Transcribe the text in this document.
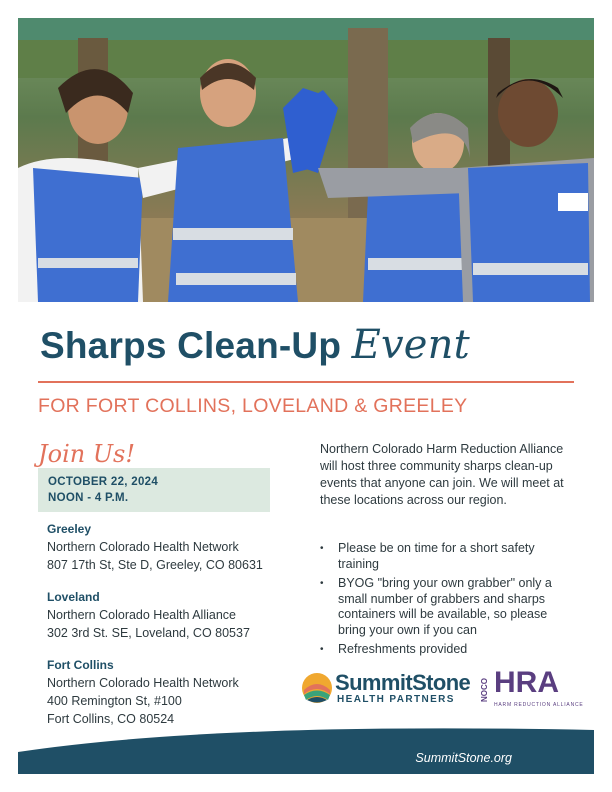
Sharps Clean-Up Event
FOR FORT COLLINS, LOVELAND & GREELEY
Join Us!
OCTOBER 22, 2024
NOON - 4 P.M.
Greeley
Northern Colorado Health Network
807 17th St, Ste D, Greeley, CO 80631
Loveland
Northern Colorado Health Alliance
302 3rd St. SE, Loveland, CO 80537
Fort Collins
Northern Colorado Health Network
400 Remington St, #100
Fort Collins, CO 80524
Northern Colorado Harm Reduction Alliance will host three community sharps clean-up events that anyone can join. We will meet at these locations across our region.
• Please be on time for a short safety training
• BYOG "bring your own grabber" only a small number of grabbers and sharps containers will be available, so please bring your own if you can
• Refreshments provided
SummitStone
HEALTH PARTNERS	NOCO HRA
HARM REDUCTION ALLIANCE
SummitStone.org
